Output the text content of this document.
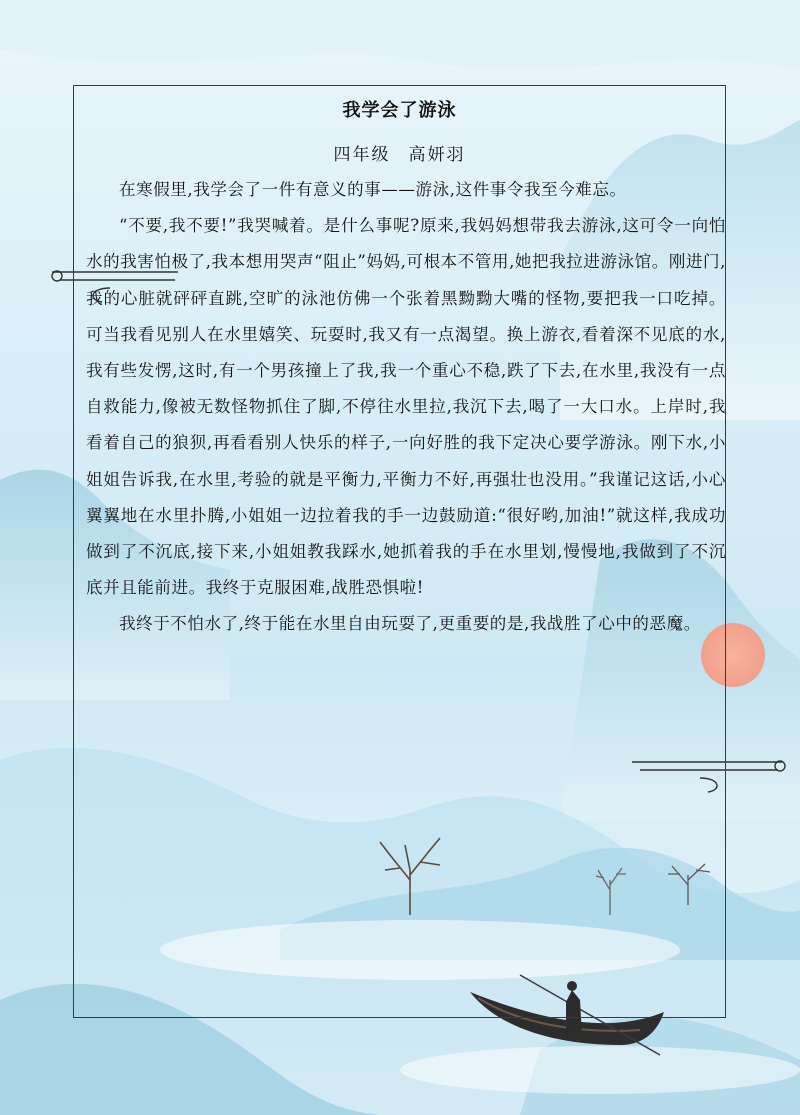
我学会了游泳
四年级 高妍羽

在寒假里,我学会了一件有意义的事——游泳,这件事令我至今难忘。

“不要,我不要!”我哭喊着。是什么事呢?原来,我妈妈想带我去游泳,这可令一向怕水的我害怕极了,我本想用哭声“阻止”妈妈,可根本不管用,她把我拉进游泳馆。刚进门,我的心脏就砰砰直跳,空旷的泳池仿佛一个张着黑黝黝大嘴的怪物,要把我一口吃掉。可当我看见别人在水里嬉笑、玩耍时,我又有一点渴望。换上游衣,看着深不见底的水,我有些发愣,这时,有一个男孩撞上了我,我一个重心不稳,跌了下去,在水里,我没有一点自救能力,像被无数怪物抓住了脚,不停往水里拉,我沉下去,喝了一大口水。上岸时,我看着自己的狼狈,再看看别人快乐的样子,一向好胜的我下定决心要学游泳。刚下水,小姐姐告诉我,在水里,考验的就是平衡力,平衡力不好,再强壮也没用。”我谨记这话,小心翼翼地在水里扑腾,小姐姐一边拉着我的手一边鼓励道:“很好哟,加油!”就这样,我成功做到了不沉底,接下来,小姐姐教我踩水,她抓着我的手在水里划,慢慢地,我做到了不沉底并且能前进。我终于克服困难,战胜恐惧啦!

我终于不怕水了,终于能在水里自由玩耍了,更重要的是,我战胜了心中的恶魔。
